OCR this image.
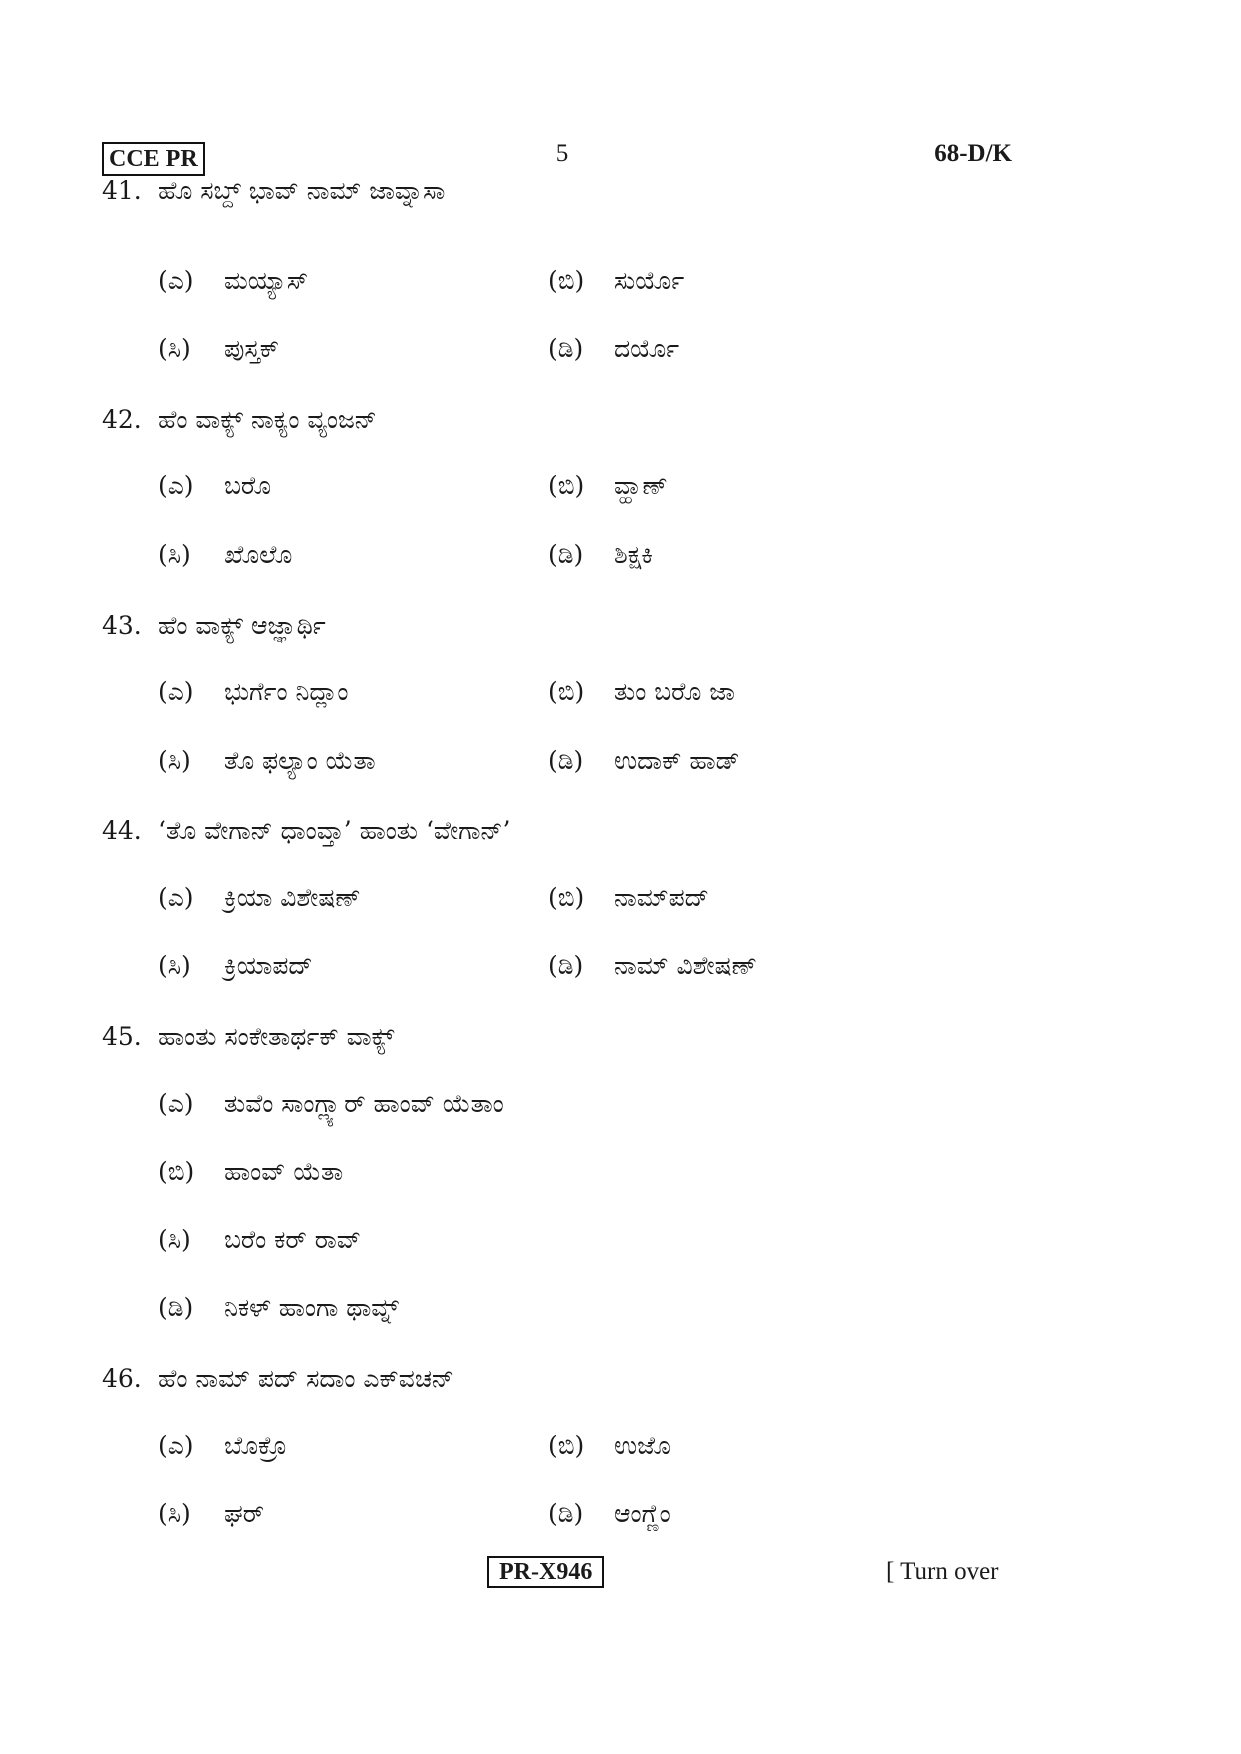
CCE PR	5	68-D/K
41. ಹೊ ಸಬ್ದ್ ಭಾವ್ ನಾಮ್ ಜಾವ್ನಾಸಾ
(ಎ) ಮಯ್ಯಾಸ್	(ಬಿ) ಸುರ್ಯೊ
(ಸಿ) ಪುಸ್ತಕ್	(ಡಿ) ದರ್ಯೊ
42. ಹೆಂ ವಾಕ್ಯ್ ನಾಕ್ಯಂ ವ್ಯಂಜನ್
(ಎ) ಬರೊ	(ಬಿ) ವ್ಹಾಣ್
(ಸಿ) ಖೊಲೊ	(ಡಿ) ಶಿಕ್ಷಕಿ
43. ಹೆಂ ವಾಕ್ಯ್ ಆಜ್ಞಾರ್ಥಿ
(ಎ) ಭುರ್ಗೆಂ ನಿದ್ಲಾಂ	(ಬಿ) ತುಂ ಬರೊ ಜಾ
(ಸಿ) ತೊ ಫಲ್ಯಾಂ ಯೆತಾ	(ಡಿ) ಉದಾಕ್ ಹಾಡ್
44. ‘ತೊ ವೇಗಾನ್ ಧಾಂವ್ತಾ’ ಹಾಂತು ‘ವೇಗಾನ್’
(ಎ) ಕ್ರಿಯಾ ವಿಶೇಷಣ್	(ಬಿ) ನಾಮ್‌ಪದ್
(ಸಿ) ಕ್ರಿಯಾಪದ್	(ಡಿ) ನಾಮ್ ವಿಶೇಷಣ್
45. ಹಾಂತು ಸಂಕೇತಾರ್ಥಕ್ ವಾಕ್ಯ್
(ಎ) ತುವೆಂ ಸಾಂಗ್ಲ್ಯಾರ್ ಹಾಂವ್ ಯೆತಾಂ
(ಬಿ) ಹಾಂವ್ ಯೆತಾ
(ಸಿ) ಬರೆಂ ಕರ್ ರಾವ್
(ಡಿ) ನಿಕಳ್ ಹಾಂಗಾ ಥಾವ್ನ್
46. ಹೆಂ ನಾಮ್ ಪದ್ ಸದಾಂ ಎಕ್‌ವಚನ್
(ಎ) ಬೊಕ್ರೊ	(ಬಿ) ಉಜೊ
(ಸಿ) ಘರ್	(ಡಿ) ಆಂಗ್ಣೆಂ
PR-X946	[ Turn over
